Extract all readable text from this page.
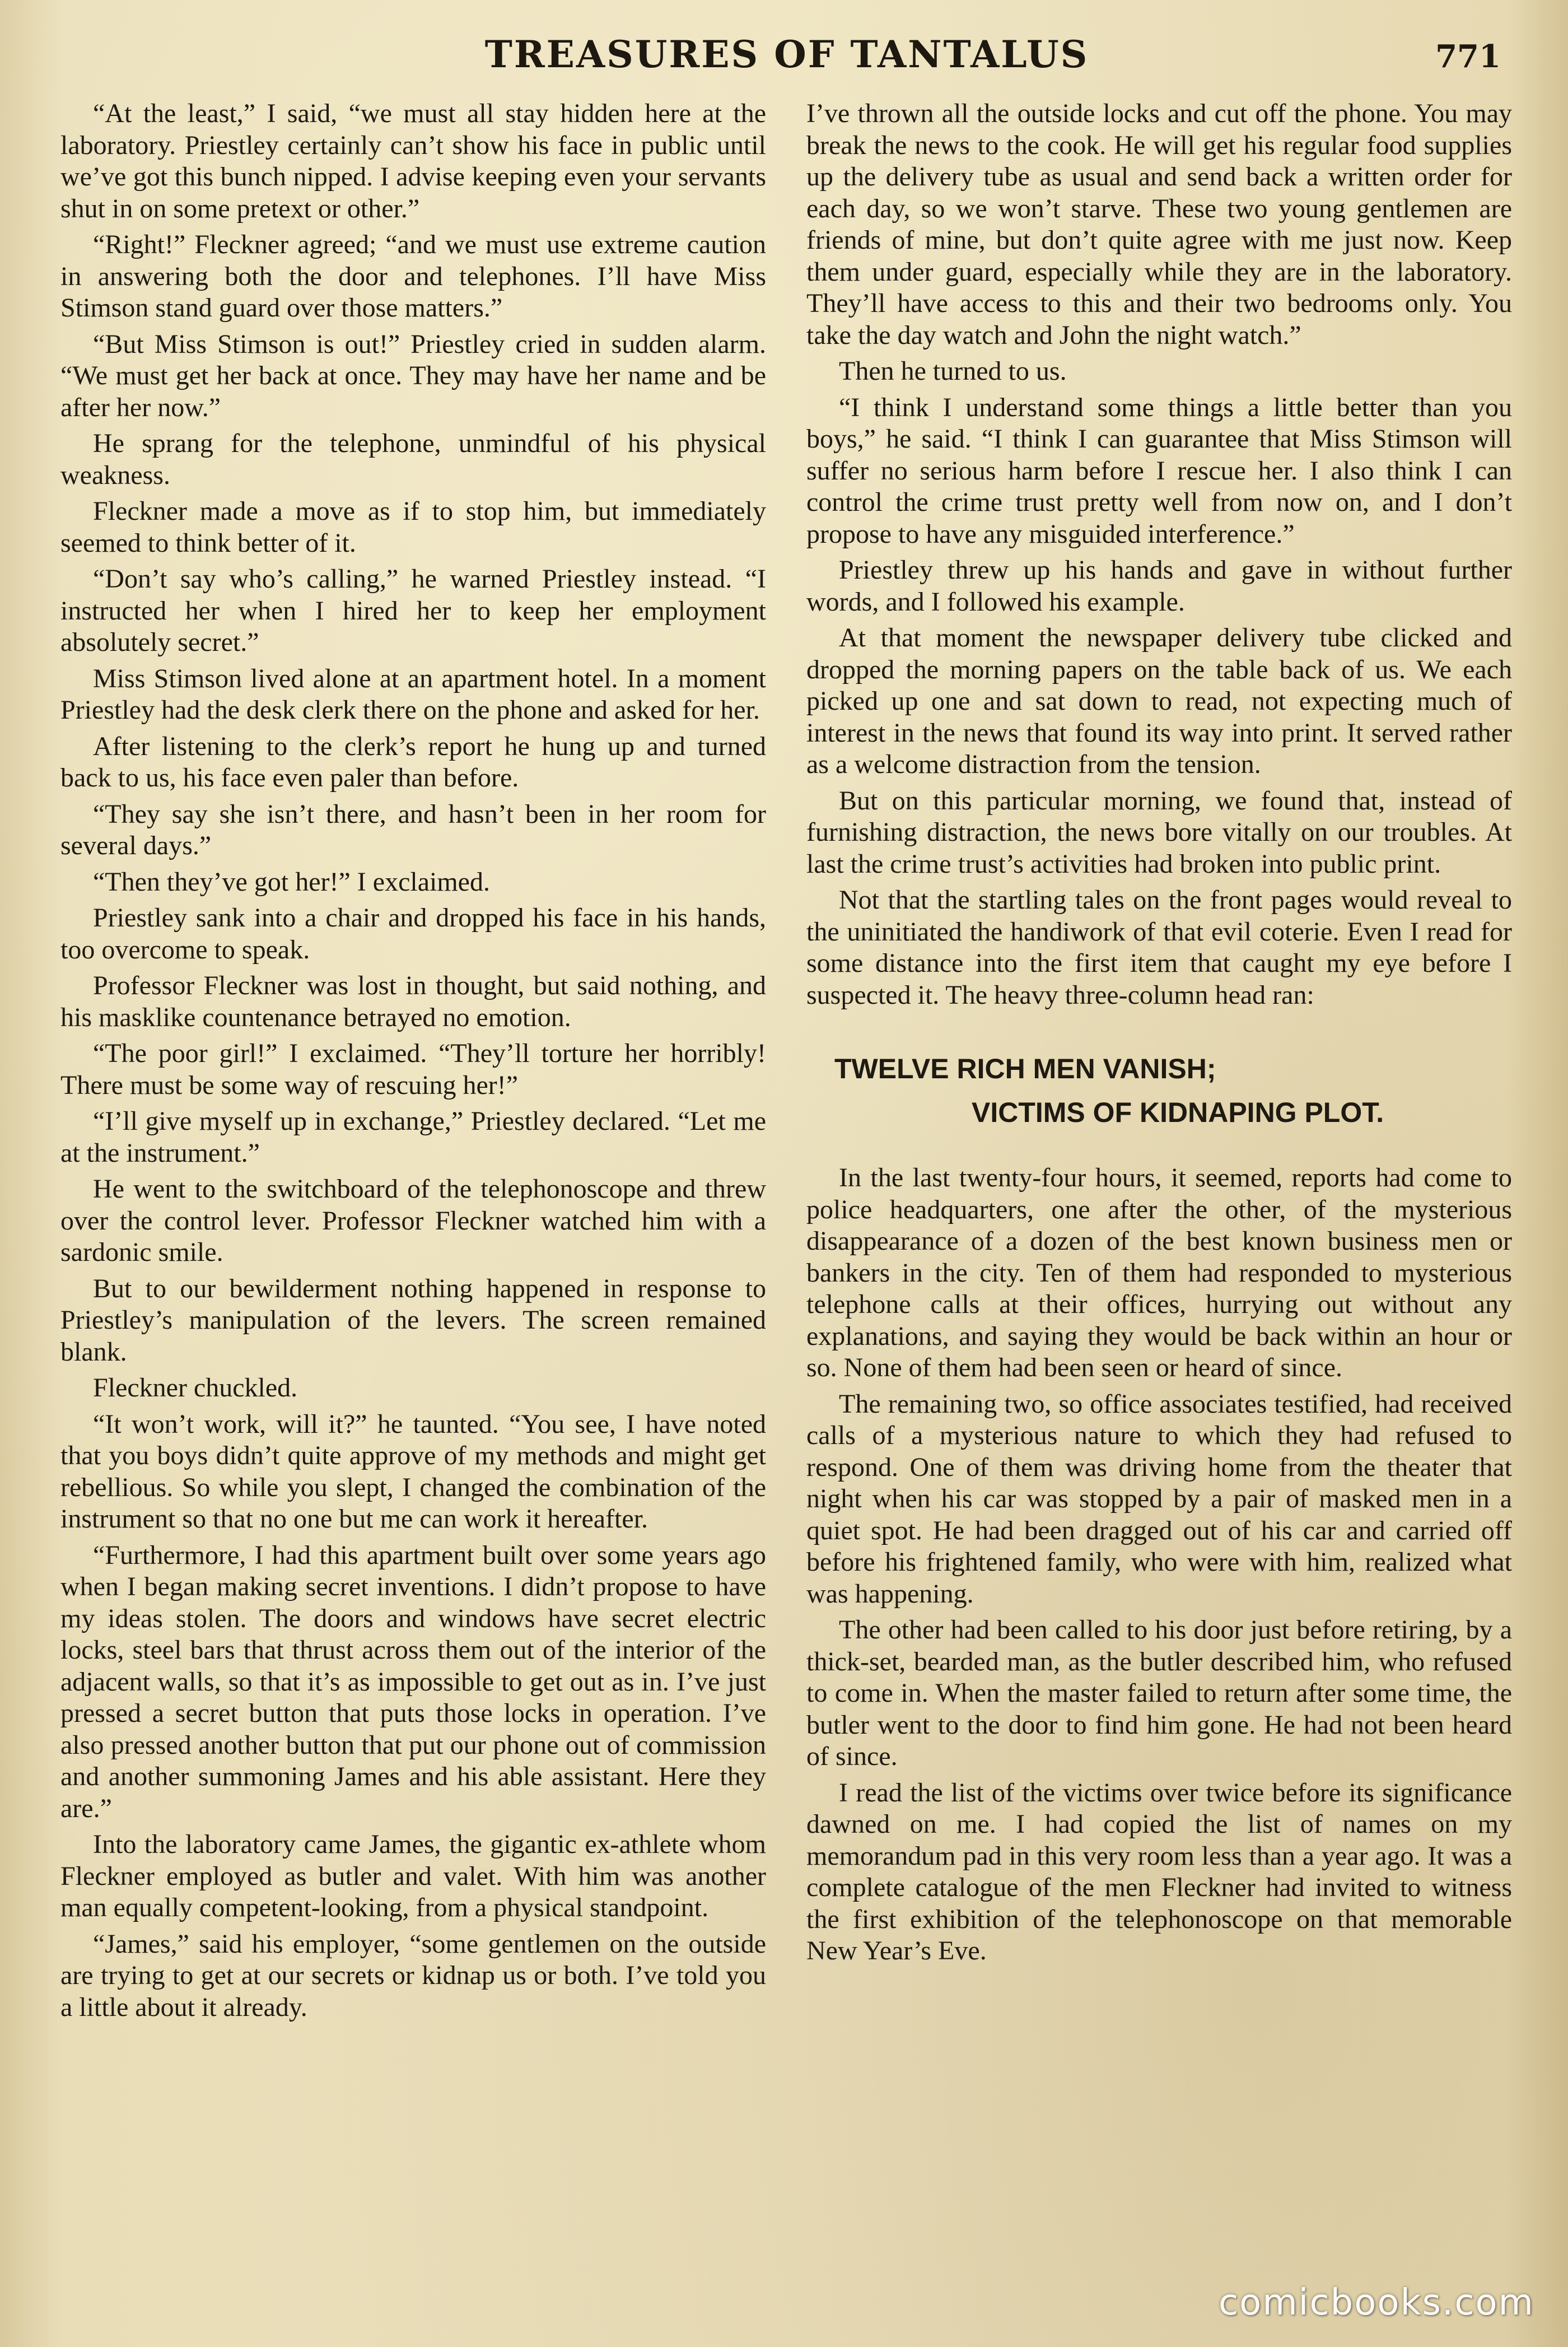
TREASURES OF TANTALUS	771

“At the least,” I said, “we must all stay hidden here at the laboratory. Priestley certainly can’t show his face in public until we’ve got this bunch nipped. I advise keeping even your servants shut in on some pretext or other.”

“Right!” Fleckner agreed; “and we must use extreme caution in answering both the door and telephones. I’ll have Miss Stimson stand guard over those matters.”

“But Miss Stimson is out!” Priestley cried in sudden alarm. “We must get her back at once. They may have her name and be after her now.”

He sprang for the telephone, unmindful of his physical weakness.

Fleckner made a move as if to stop him, but immediately seemed to think better of it.

“Don’t say who’s calling,” he warned Priestley instead. “I instructed her when I hired her to keep her employment absolutely secret.”

Miss Stimson lived alone at an apartment hotel. In a moment Priestley had the desk clerk there on the phone and asked for her.

After listening to the clerk’s report he hung up and turned back to us, his face even paler than before.

“They say she isn’t there, and hasn’t been in her room for several days.”

“Then they’ve got her!” I exclaimed.

Priestley sank into a chair and dropped his face in his hands, too overcome to speak.

Professor Fleckner was lost in thought, but said nothing, and his masklike countenance betrayed no emotion.

“The poor girl!” I exclaimed. “They’ll torture her horribly! There must be some way of rescuing her!”

“I’ll give myself up in exchange,” Priestley declared. “Let me at the instrument.”

He went to the switchboard of the telephonoscope and threw over the control lever. Professor Fleckner watched him with a sardonic smile.

But to our bewilderment nothing happened in response to Priestley’s manipulation of the levers. The screen remained blank.

Fleckner chuckled.

“It won’t work, will it?” he taunted. “You see, I have noted that you boys didn’t quite approve of my methods and might get rebellious. So while you slept, I changed the combination of the instrument so that no one but me can work it hereafter.

“Furthermore, I had this apartment built over some years ago when I began making secret inventions. I didn’t propose to have my ideas stolen. The doors and windows have secret electric locks, steel bars that thrust across them out of the interior of the adjacent walls, so that it’s as impossible to get out as in. I’ve just pressed a secret button that puts those locks in operation. I’ve also pressed another button that put our phone out of commission and another summoning James and his able assistant. Here they are.”

Into the laboratory came James, the gigantic ex-athlete whom Fleckner employed as butler and valet. With him was another man equally competent-looking, from a physical standpoint.

“James,” said his employer, “some gentlemen on the outside are trying to get at our secrets or kidnap us or both. I’ve told you a little about it already.

I’ve thrown all the outside locks and cut off the phone. You may break the news to the cook. He will get his regular food supplies up the delivery tube as usual and send back a written order for each day, so we won’t starve. These two young gentlemen are friends of mine, but don’t quite agree with me just now. Keep them under guard, especially while they are in the laboratory. They’ll have access to this and their two bedrooms only. You take the day watch and John the night watch.”

Then he turned to us.

“I think I understand some things a little better than you boys,” he said. “I think I can guarantee that Miss Stimson will suffer no serious harm before I rescue her. I also think I can control the crime trust pretty well from now on, and I don’t propose to have any misguided interference.”

Priestley threw up his hands and gave in without further words, and I followed his example.

At that moment the newspaper delivery tube clicked and dropped the morning papers on the table back of us. We each picked up one and sat down to read, not expecting much of interest in the news that found its way into print. It served rather as a welcome distraction from the tension.

But on this particular morning, we found that, instead of furnishing distraction, the news bore vitally on our troubles. At last the crime trust’s activities had broken into public print.

Not that the startling tales on the front pages would reveal to the uninitiated the handiwork of that evil coterie. Even I read for some distance into the first item that caught my eye before I suspected it. The heavy three-column head ran:

TWELVE RICH MEN VANISH;
VICTIMS OF KIDNAPING PLOT.

In the last twenty-four hours, it seemed, reports had come to police headquarters, one after the other, of the mysterious disappearance of a dozen of the best known business men or bankers in the city. Ten of them had responded to mysterious telephone calls at their offices, hurrying out without any explanations, and saying they would be back within an hour or so. None of them had been seen or heard of since.

The remaining two, so office associates testified, had received calls of a mysterious nature to which they had refused to respond. One of them was driving home from the theater that night when his car was stopped by a pair of masked men in a quiet spot. He had been dragged out of his car and carried off before his frightened family, who were with him, realized what was happening.

The other had been called to his door just before retiring, by a thick-set, bearded man, as the butler described him, who refused to come in. When the master failed to return after some time, the butler went to the door to find him gone. He had not been heard of since.

I read the list of the victims over twice before its significance dawned on me. I had copied the list of names on my memorandum pad in this very room less than a year ago. It was a complete catalogue of the men Fleckner had invited to witness the first exhibition of the telephonoscope on that memorable New Year’s Eve.

comicbooks.com
